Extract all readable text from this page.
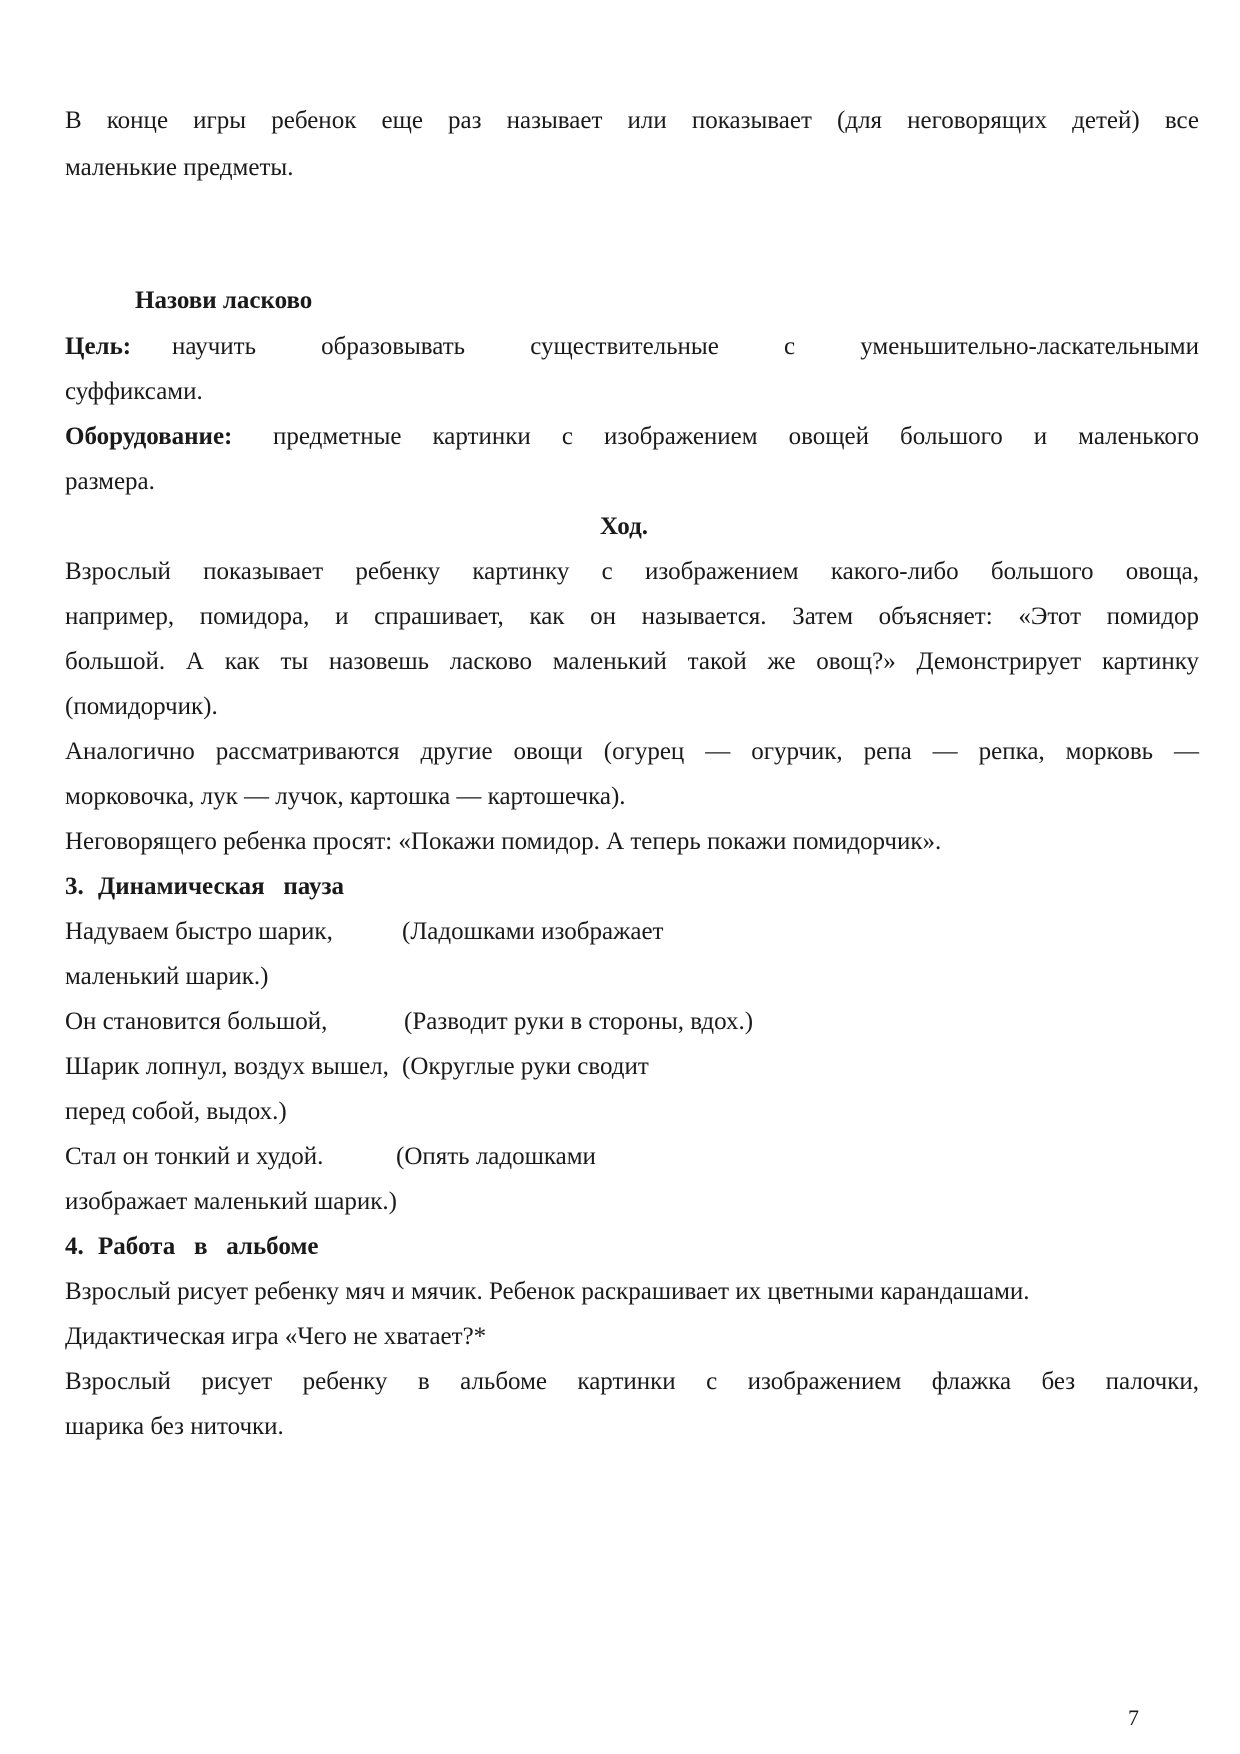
В конце игры ребенок еще раз называет или показывает (для неговорящих детей) все
маленькие предметы.
Назови ласково
Цель:	научить образовывать существительные с уменьшительно-ласкательными
суффиксами.
Оборудование:	предметные картинки с изображением овощей большого и маленького
размера.
Ход.
Взрослый показывает ребенку картинку с изображением какого-либо большого овоща,
например, помидора, и спрашивает, как он называется. Затем объясняет: «Этот помидор
большой. А как ты назовешь ласково маленький такой же овощ?» Демонстрирует картинку
(помидорчик).
Аналогично рассматриваются другие овощи (огурец — огурчик, репа — репка, морковь —
морковочка, лук — лучок, картошка — картошечка).
Неговорящего ребенка просят: «Покажи помидор. А теперь покажи помидорчик».
3. Динамическая   пауза
Надуваем быстро шарик,	(Ладошками изображает
маленький шарик.)
Он становится большой,	(Разводит руки в стороны, вдох.)
Шарик лопнул, воздух вышел, (Округлые руки сводит
перед собой, выдох.)
Стал он тонкий и худой.	(Опять ладошками
изображает маленький шарик.)
4. Работа   в   альбоме
Взрослый рисует ребенку мяч и мячик. Ребенок раскрашивает их цветными карандашами.
Дидактическая игра «Чего не хватает?*
Взрослый рисует ребенку в альбоме картинки с изображением флажка без палочки,
шарика без ниточки.
7
